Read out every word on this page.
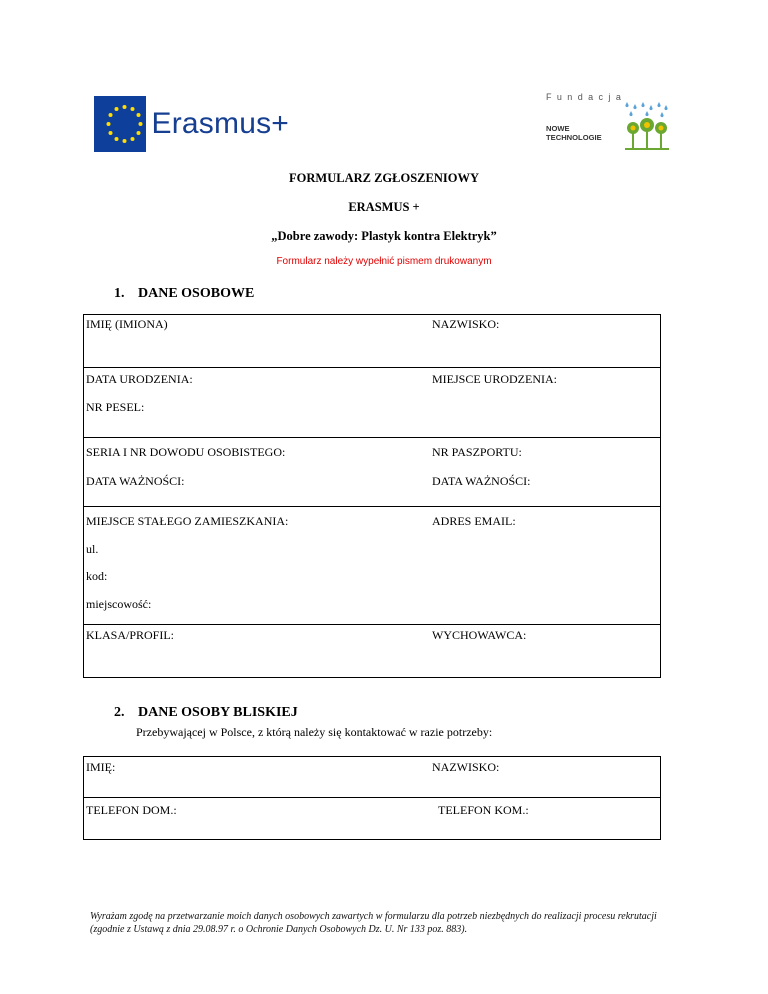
Erasmus+
Fundacja
NOWE
TECHNOLOGIE
FORMULARZ ZGŁOSZENIOWY
ERASMUS +
„Dobre zawody: Plastyk kontra Elektryk”
Formularz należy wypełnić pismem drukowanym
1. DANE OSOBOWE
IMIĘ (IMIONA)	NAZWISKO:

DATA URODZENIA:	MIEJSCE URODZENIA:
NR PESEL:

SERIA I NR DOWODU OSOBISTEGO:	NR PASZPORTU:
DATA WAŻNOŚCI:	DATA WAŻNOŚCI:

MIEJSCE STAŁEGO ZAMIESZKANIA:	ADRES EMAIL:
ul.
kod:
miejscowość:

KLASA/PROFIL:	WYCHOWAWCA:
2. DANE OSOBY BLISKIEJ
Przebywającej w Polsce, z którą należy się kontaktować w razie potrzeby:
IMIĘ:	NAZWISKO:

TELEFON DOM.:	TELEFON KOM.:
Wyrażam zgodę na przetwarzanie moich danych osobowych zawartych w formularzu dla potrzeb niezbędnych do realizacji procesu rekrutacji (zgodnie z Ustawą z dnia 29.08.97 r. o Ochronie Danych Osobowych Dz. U. Nr 133 poz. 883).
